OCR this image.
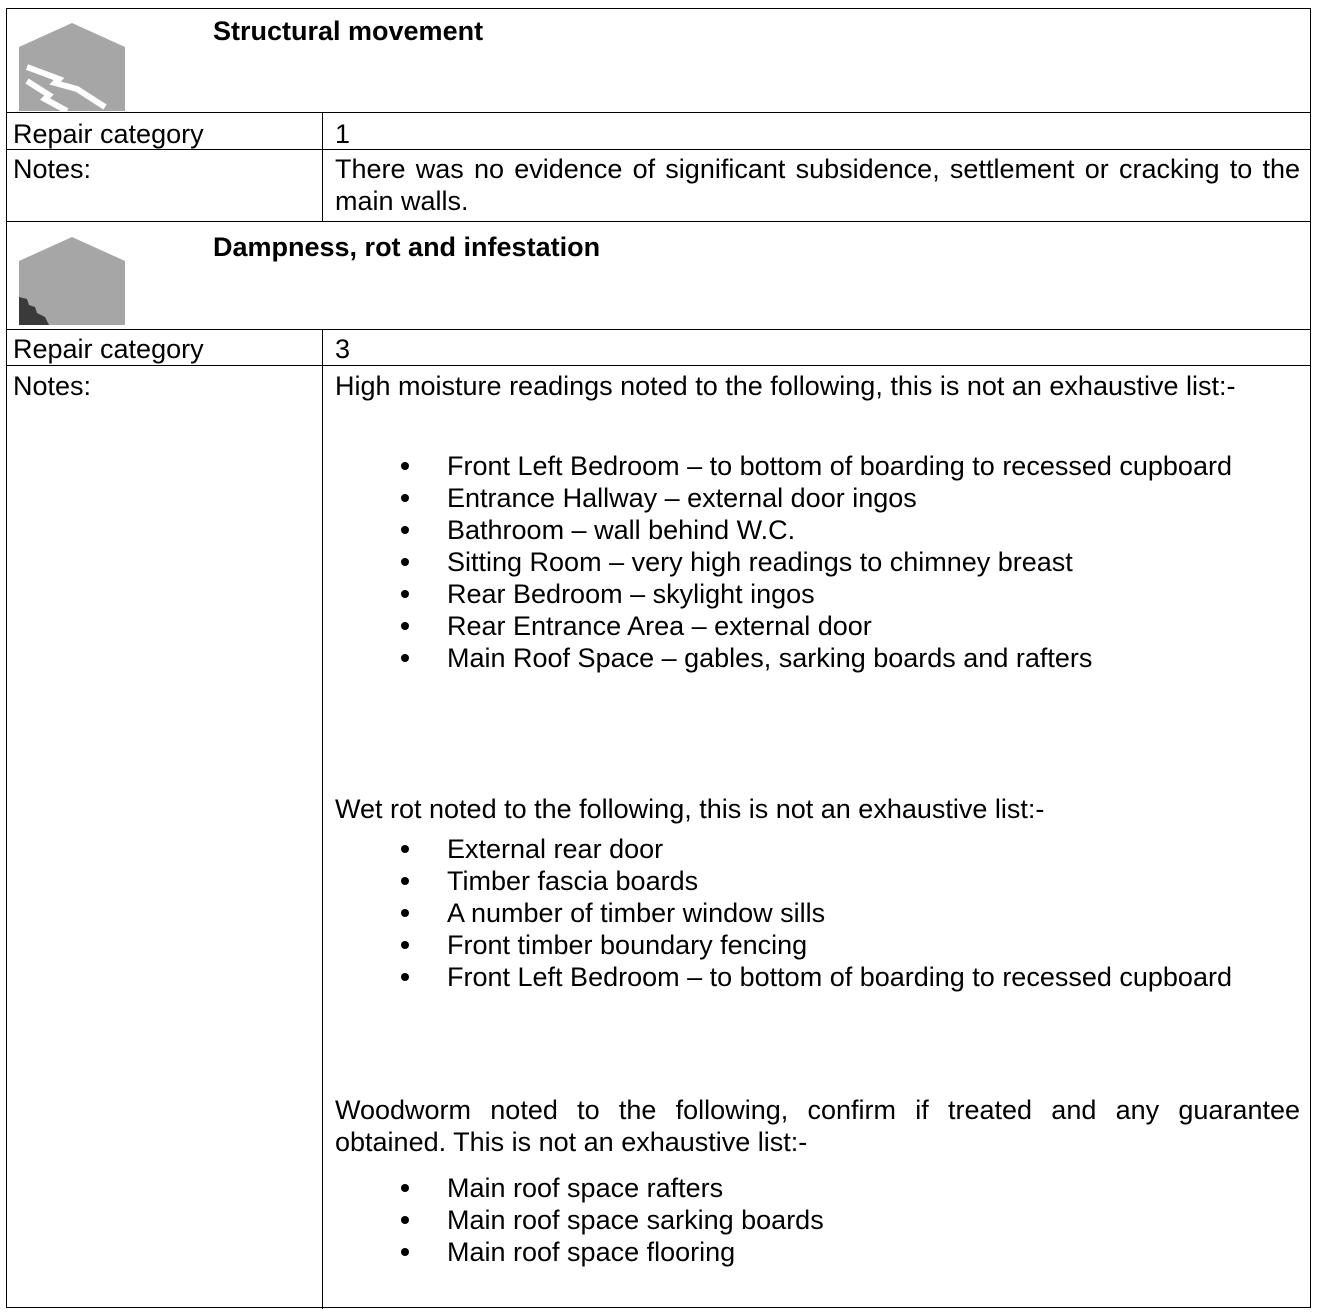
Structural movement
Repair category	1
Notes:	There was no evidence of significant subsidence, settlement or cracking to the main walls.
Dampness, rot and infestation
Repair category	3
Notes:	High moisture readings noted to the following, this is not an exhaustive list:-
Front Left Bedroom – to bottom of boarding to recessed cupboard
Entrance Hallway – external door ingos
Bathroom – wall behind W.C.
Sitting Room – very high readings to chimney breast
Rear Bedroom – skylight ingos
Rear Entrance Area – external door
Main Roof Space – gables, sarking boards and rafters
Wet rot noted to the following, this is not an exhaustive list:-
External rear door
Timber fascia boards
A number of timber window sills
Front timber boundary fencing
Front Left Bedroom – to bottom of boarding to recessed cupboard
Woodworm noted to the following, confirm if treated and any guarantee obtained. This is not an exhaustive list:-
Main roof space rafters
Main roof space sarking boards
Main roof space flooring
